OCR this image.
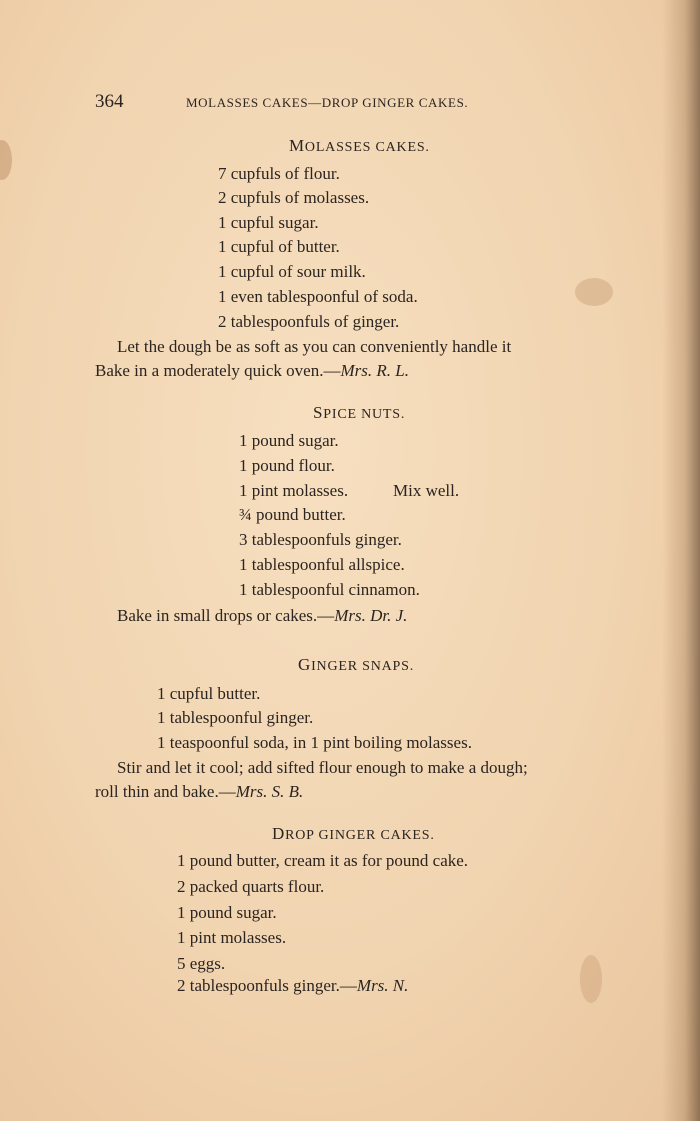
364	MOLASSES CAKES—DROP GINGER CAKES.
MOLASSES CAKES.
7 cupfuls of flour.
2 cupfuls of molasses.
1 cupful sugar.
1 cupful of butter.
1 cupful of sour milk.
1 even tablespoonful of soda.
2 tablespoonfuls of ginger.
Let the dough be as soft as you can conveniently handle it
Bake in a moderately quick oven.—Mrs. R. L.
SPICE NUTS.
1 pound sugar.
1 pound flour.
1 pint molasses.	Mix well.
¾ pound butter.
3 tablespoonfuls ginger.
1 tablespoonful allspice.
1 tablespoonful cinnamon.
Bake in small drops or cakes.—Mrs. Dr. J.
GINGER SNAPS.
1 cupful butter.
1 tablespoonful ginger.
1 teaspoonful soda, in 1 pint boiling molasses.
Stir and let it cool; add sifted flour enough to make a dough;
roll thin and bake.—Mrs. S. B.
DROP GINGER CAKES.
1 pound butter, cream it as for pound cake.
2 packed quarts flour.
1 pound sugar.
1 pint molasses.
5 eggs.
2 tablespoonfuls ginger.—Mrs. N.
